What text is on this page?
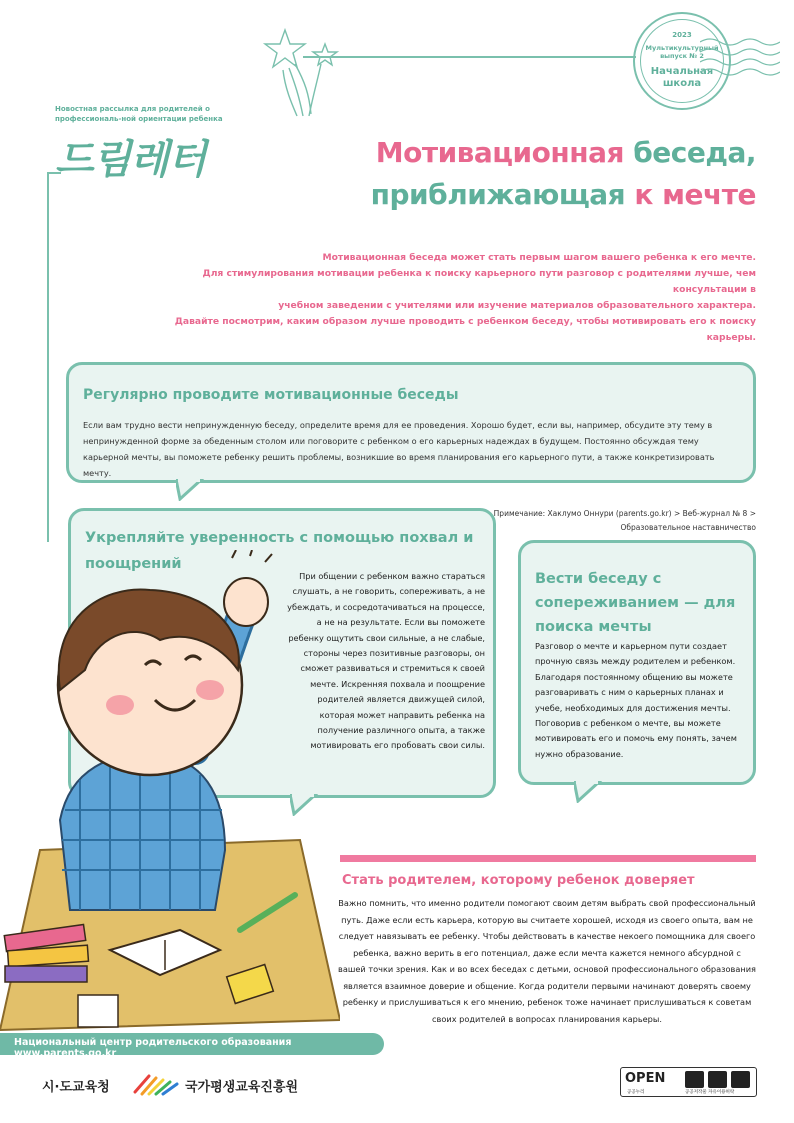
2023
Мультикультурный выпуск № 2
Начальная школа
Новостная рассылка для родителей о профессиональ-ной ориентации ребенка
드림레터	Мотивационная беседа,
приближающая к мечте
Мотивационная беседа может стать первым шагом вашего ребенка к его мечте.
Для стимулирования мотивации ребенка к поиску карьерного пути разговор с родителями лучше, чем консультации в
учебном заведении с учителями или изучение материалов образовательного характера.
Давайте посмотрим, каким образом лучше проводить с ребенком беседу, чтобы мотивировать его к поиску карьеры.
Регулярно проводите мотивационные беседы

Если вам трудно вести непринужденную беседу, определите время для ее проведения. Хорошо будет, если вы, например, обсудите эту тему в непринужденной форме за обеденным столом или поговорите с ребенком о его карьерных надеждах в будущем. Постоянно обсуждая тему карьерной мечты, вы поможете ребенку решить проблемы, возникшие во время планирования его карьерного пути, а также конкретизировать мечту.

Примечание: Хаклумо Оннури (parents.go.kr) > Веб-журнал № 8 > Образовательное наставничество
Укрепляйте уверенность с помощью похвал и поощрений

При общении с ребенком важно стараться слушать, а не говорить, сопереживать, а не убеждать, и сосредотачиваться на процессе, а не на результате. Если вы поможете ребенку ощутить свои сильные, а не слабые, стороны через позитивные разговоры, он сможет развиваться и стремиться к своей мечте. Искренняя похвала и поощрение родителей является движущей силой, которая может направить ребенка на получение различного опыта, а также мотивировать его пробовать свои силы.

Вести беседу с сопереживанием — для поиска мечты

Разговор о мечте и карьерном пути создает прочную связь между родителем и ребенком. Благодаря постоянному общению вы можете разговаривать с ним о карьерных планах и учебе, необходимых для достижения мечты.
Поговорив с ребенком о мечте, вы можете мотивировать его и помочь ему понять, зачем нужно образование.

Стать родителем, которому ребенок доверяет
Важно помнить, что именно родители помогают своим детям выбрать свой профессиональный путь. Даже если есть карьера, которую вы считаете хорошей, исходя из своего опыта, вам не следует навязывать ее ребенку. Чтобы действовать в качестве некоего помощника для своего ребенка, важно верить в его потенциал, даже если мечта кажется немного абсурдной с вашей точки зрения. Как и во всех беседах с детьми, основой профессионального образования является взаимное доверие и общение. Когда родители первыми начинают доверять своему ребенку и прислушиваться к его мнению, ребенок тоже начинает прислушиваться к советам своих родителей в вопросах планирования карьеры.
Национальный центр родительского образования www.parents.go.kr
시·도교육청	국가평생교육진흥원
OPEN
공공누리	공공저작물 자유이용허락
